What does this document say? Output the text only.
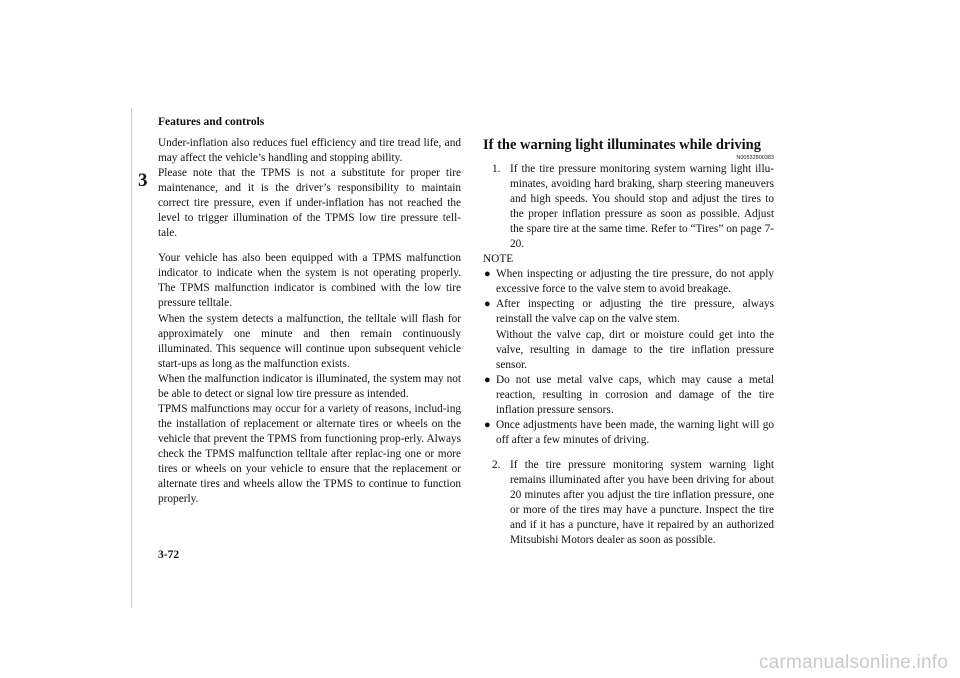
Features and controls
3

Under-inflation also reduces fuel efficiency and tire tread life, and may affect the vehicle’s handling and stopping ability.

Please note that the TPMS is not a substitute for proper tire maintenance, and it is the driver’s responsibility to maintain correct tire pressure, even if under-inflation has not reached the level to trigger illumination of the TPMS low tire pressure tell-tale.

Your vehicle has also been equipped with a TPMS malfunction indicator to indicate when the system is not operating properly. The TPMS malfunction indicator is combined with the low tire pressure telltale.

When the system detects a malfunction, the telltale will flash for approximately one minute and then remain continuously illuminated. This sequence will continue upon subsequent vehicle start-ups as long as the malfunction exists.

When the malfunction indicator is illuminated, the system may not be able to detect or signal low tire pressure as intended.

TPMS malfunctions may occur for a variety of reasons, includ-ing the installation of replacement or alternate tires or wheels on the vehicle that prevent the TPMS from functioning prop-erly. Always check the TPMS malfunction telltale after replac-ing one or more tires or wheels on your vehicle to ensure that the replacement or alternate tires and wheels allow the TPMS to continue to function properly.

If the warning light illuminates while driving

N00532800383

1. If the tire pressure monitoring system warning light illu-minates, avoiding hard braking, sharp steering maneuvers and high speeds. You should stop and adjust the tires to the proper inflation pressure as soon as possible. Adjust the spare tire at the same time. Refer to “Tires” on page 7-20.

NOTE

● When inspecting or adjusting the tire pressure, do not apply excessive force to the valve stem to avoid breakage.

● After inspecting or adjusting the tire pressure, always reinstall the valve cap on the valve stem.

Without the valve cap, dirt or moisture could get into the valve, resulting in damage to the tire inflation pressure sensor.

● Do not use metal valve caps, which may cause a metal reaction, resulting in corrosion and damage of the tire inflation pressure sensors.

● Once adjustments have been made, the warning light will go off after a few minutes of driving.

2. If the tire pressure monitoring system warning light remains illuminated after you have been driving for about 20 minutes after you adjust the tire inflation pressure, one or more of the tires may have a puncture. Inspect the tire and if it has a puncture, have it repaired by an authorized Mitsubishi Motors dealer as soon as possible.
3-72
carmanualsonline.info
